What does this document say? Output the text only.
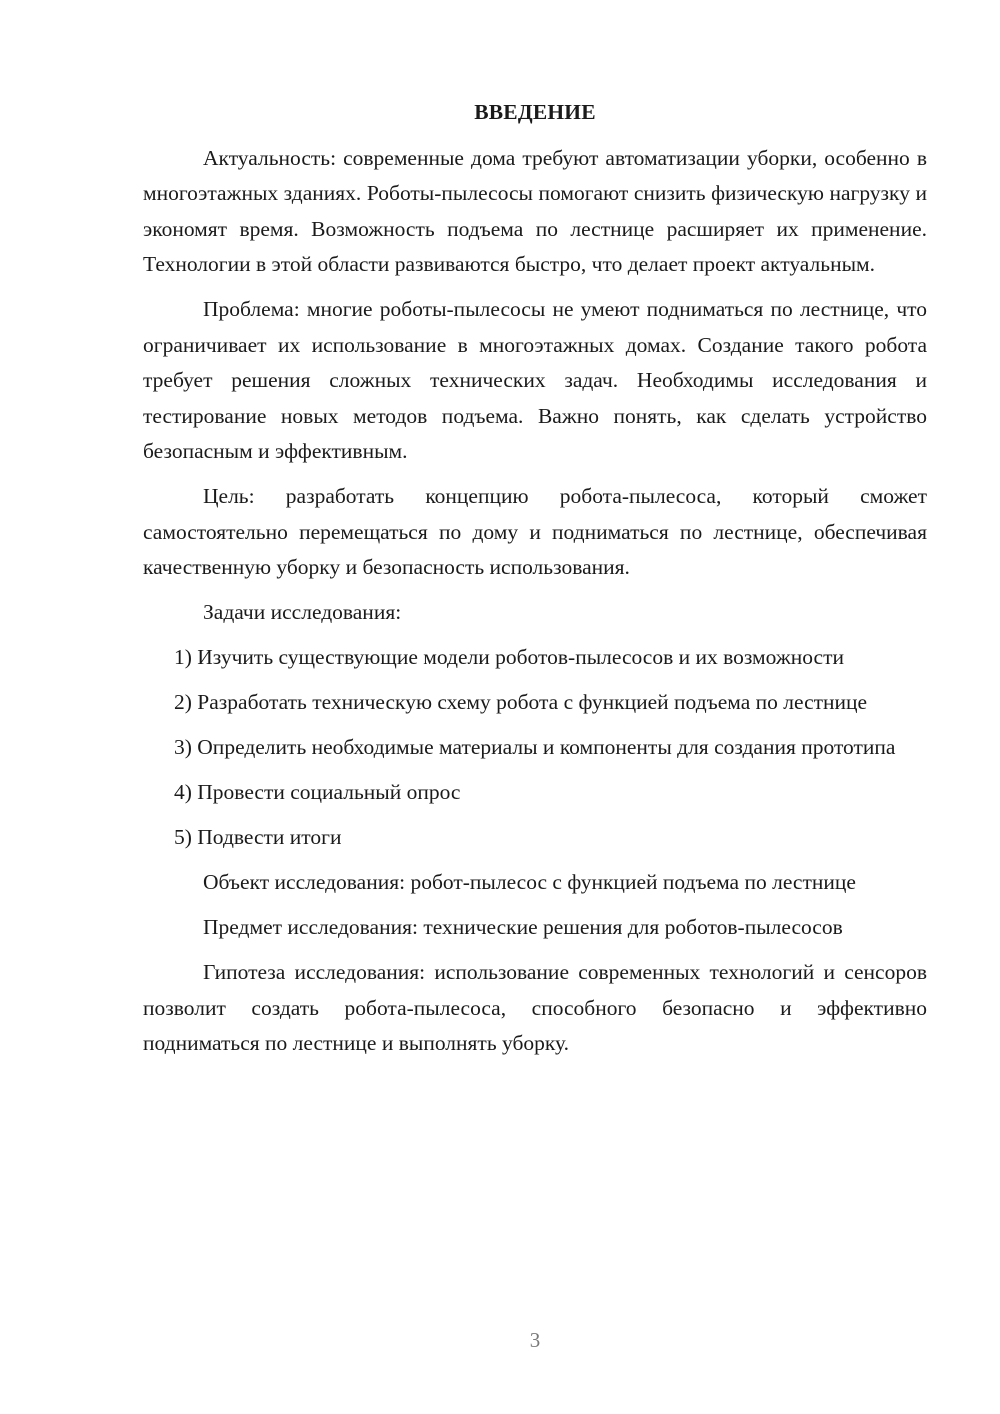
ВВЕДЕНИЕ

Актуальность: современные дома требуют автоматизации уборки, особенно в многоэтажных зданиях. Роботы-пылесосы помогают снизить физическую нагрузку и экономят время. Возможность подъема по лестнице расширяет их применение. Технологии в этой области развиваются быстро, что делает проект актуальным.

Проблема: многие роботы-пылесосы не умеют подниматься по лестнице, что ограничивает их использование в многоэтажных домах. Создание такого робота требует решения сложных технических задач. Необходимы исследования и тестирование новых методов подъема. Важно понять, как сделать устройство безопасным и эффективным.

Цель: разработать концепцию робота-пылесоса, который сможет самостоятельно перемещаться по дому и подниматься по лестнице, обеспечивая качественную уборку и безопасность использования.

Задачи исследования:

1) Изучить существующие модели роботов-пылесосов и их возможности

2) Разработать техническую схему робота с функцией подъема по лестнице

3) Определить необходимые материалы и компоненты для создания прототипа

4) Провести социальный опрос

5) Подвести итоги

Объект исследования: робот-пылесос с функцией подъема по лестнице

Предмет исследования: технические решения для роботов-пылесосов

Гипотеза исследования: использование современных технологий и сенсоров позволит создать робота-пылесоса, способного безопасно и эффективно подниматься по лестнице и выполнять уборку.

3
